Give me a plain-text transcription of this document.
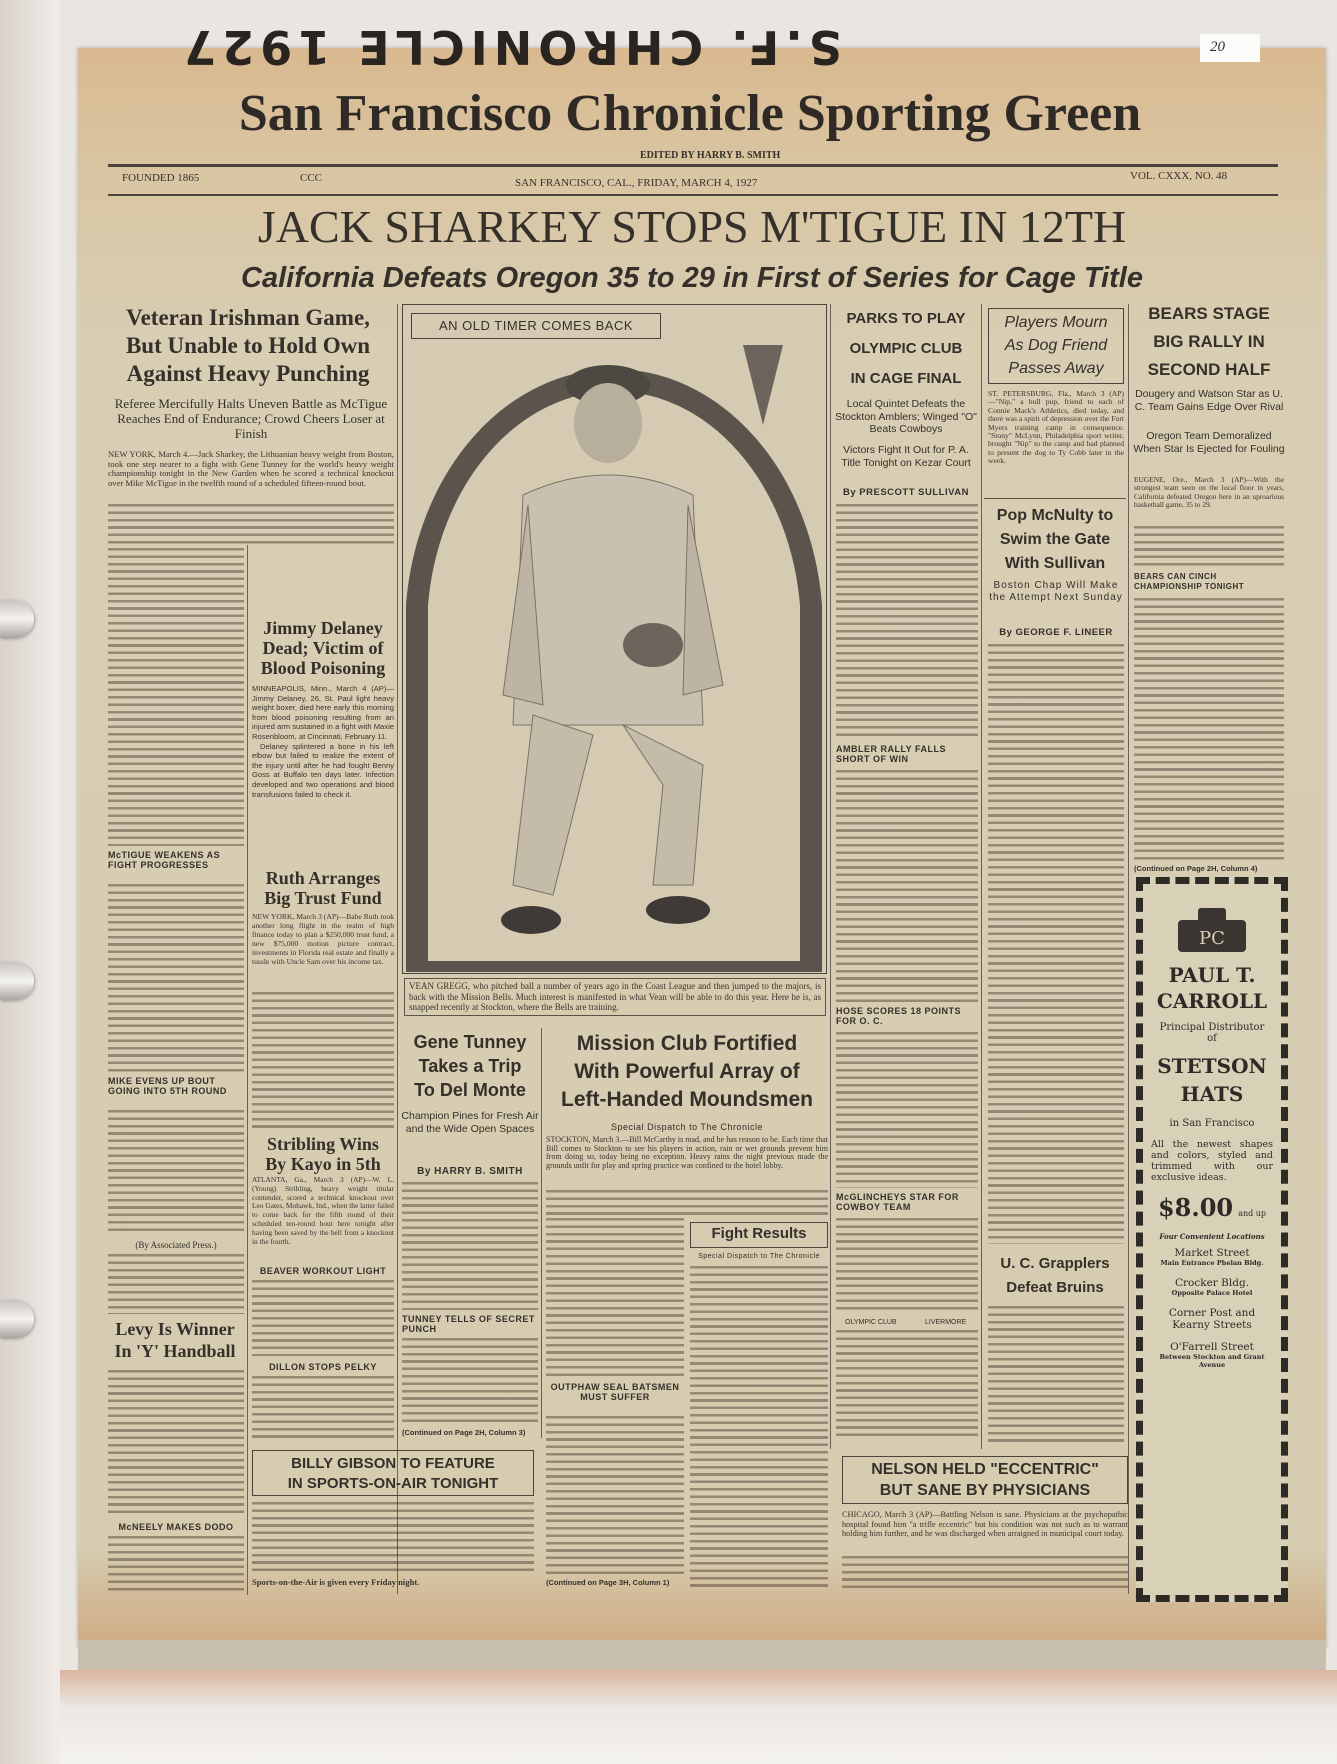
S.F. CHRONICLE 1927	20
San Francisco Chronicle Sporting Green
EDITED BY HARRY B. SMITH
FOUNDED 1865	CCC	SAN FRANCISCO, CAL., FRIDAY, MARCH 4, 1927
VOL. CXXX, NO. 48
JACK SHARKEY STOPS M'TIGUE IN 12TH
California Defeats Oregon 35 to 29 in First of Series for Cage Title
Veteran Irishman Game,
But Unable to Hold Own
Against Heavy Punching
Referee Mercifully Halts Uneven Battle as McTigue Reaches End of Endurance; Crowd Cheers Loser at Finish
NEW YORK, March 4.—Jack Sharkey, the Lithuanian heavy weight from Boston, took one step nearer to a fight with Gene Tunney for the world's heavy weight championship tonight in the New Garden when he scored a technical knockout over Mike McTigue in the twelfth round of a scheduled fifteen-round bout.
McTIGUE WEAKENS AS FIGHT PROGRESSES
MIKE EVENS UP BOUT GOING INTO 5TH ROUND
(By Associated Press.)
Levy Is Winner
In 'Y' Handball
McNEELY MAKES DODO
Jimmy Delaney
Dead; Victim of
Blood Poisoning

MINNEAPOLIS, Minn., March 4 (AP)—Jimmy Delaney, 26, St. Paul light heavy weight boxer, died here early this morning from blood poisoning resulting from an injured arm sustained in a fight with Maxie Rosenbloom, at Cincinnati, February 11.

Delaney splintered a bone in his left elbow but failed to realize the extent of the injury until after he had fought Benny Goss at Buffalo ten days later. Infection developed and two operations and blood transfusions failed to check it.

Ruth Arranges
Big Trust Fund
NEW YORK, March 3 (AP)—Babe Ruth took another long flight in the realm of high finance today to plan a $250,000 trust fund, a new $75,000 motion picture contract, investments in Florida real estate and finally a tussle with Uncle Sam over his income tax.
Stribling Wins
By Kayo in 5th
ATLANTA, Ga., March 3 (AP)—W. L. (Young) Stribling, heavy weight titular contender, scored a technical knockout over Leo Gates, Mohawk, Ind., when the latter failed to come back for the fifth round of their scheduled ten-round bout here tonight after having been saved by the bell from a knockout in the fourth.
BEAVER WORKOUT LIGHT
DILLON STOPS PELKY
BILLY GIBSON TO FEATURE
IN SPORTS-ON-AIR TONIGHT
Sports-on-the-Air is given every Friday night.
AN OLD TIMER COMES BACK
VEAN GREGG, who pitched ball a number of years ago in the Coast League and then jumped to the majors, is back with the Mission Bells. Much interest is manifested in what Vean will be able to do this year. Here he is, as snapped recently at Stockton, where the Bells are training.
Gene Tunney
Takes a Trip
To Del Monte
Champion Pines for Fresh Air and the Wide Open Spaces
By HARRY B. SMITH
TUNNEY TELLS OF SECRET PUNCH
(Continued on Page 2H, Column 3)
Mission Club Fortified
With Powerful Array of
Left-Handed Moundsmen
Special Dispatch to The Chronicle
STOCKTON, March 3.—Bill McCarthy is mad, and he has reason to be. Each time that Bill comes to Stockton to see his players in action, rain or wet grounds prevent him from doing so, today being no exception. Heavy rains the night previous made the grounds unfit for play and spring practice was confined to the hotel lobby.
OUTPHAW SEAL BATSMEN MUST SUFFER
(Continued on Page 3H, Column 1)
Fight Results
Special Dispatch to The Chronicle
PARKS TO PLAY
OLYMPIC CLUB
IN CAGE FINAL
Local Quintet Defeats the Stockton Amblers; Winged "O" Beats Cowboys
Victors Fight It Out for P. A. Title Tonight on Kezar Court
By PRESCOTT SULLIVAN
AMBLER RALLY FALLS SHORT OF WIN
HOSE SCORES 18 POINTS FOR O. C.
McGLINCHEYS STAR FOR COWBOY TEAM
OLYMPIC CLUB	LIVERMORE
Players Mourn
As Dog Friend
Passes Away
ST. PETERSBURG, Fla., March 3 (AP)—"Nip," a bull pup, friend to each of Connie Mack's Athletics, died today, and there was a spirit of depression over the Fort Myers training camp in consequence. "Stony" McLynn, Philadelphia sport writer, brought "Nip" to the camp and had planned to present the dog to Ty Cobb later in the week.
Pop McNulty to
Swim the Gate
With Sullivan
Boston Chap Will Make the Attempt Next Sunday
By GEORGE F. LINEER
U. C. Grapplers
Defeat Bruins
NELSON HELD "ECCENTRIC"
BUT SANE BY PHYSICIANS
CHICAGO, March 3 (AP)—Battling Nelson is sane. Physicians at the psychopathic hospital found him "a trifle eccentric" but his condition was not such as to warrant holding him further, and he was discharged when arraigned in municipal court today.
BEARS STAGE
BIG RALLY IN
SECOND HALF
Dougery and Watson Star as U. C. Team Gains Edge Over Rival
Oregon Team Demoralized When Star Is Ejected for Fouling
EUGENE, Ore., March 3 (AP)—With the strongest team seen on the local floor in years, California defeated Oregon here in an uproarious basketball game, 35 to 29.
BEARS CAN CINCH CHAMPIONSHIP TONIGHT
(Continued on Page 2H, Column 4)
PC
PAUL T.
CARROLL
Principal Distributor of
STETSON
HATS
in San Francisco
All the newest shapes and colors, styled and trimmed with our exclusive ideas.
$8.00 and up
Four Convenient Locations
Market Street
Main Entrance Phelan Bldg.
Crocker Bldg.
Opposite Palace Hotel
Corner Post and Kearny Streets
O'Farrell Street
Between Stockton and Grant Avenue
